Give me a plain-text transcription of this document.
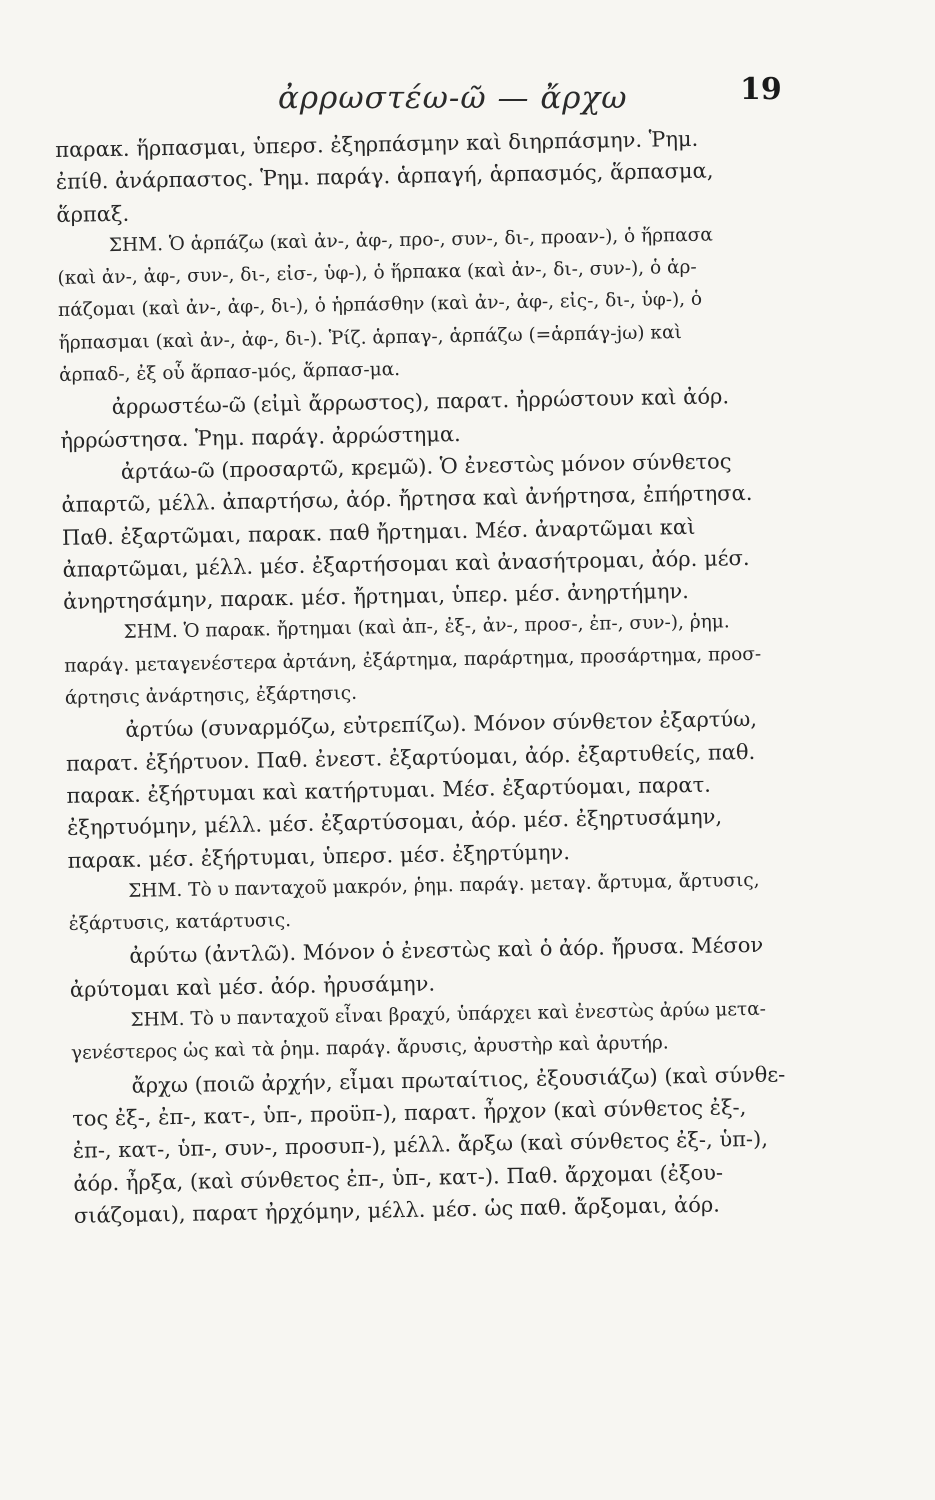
ἀρρωστέω-ῶ — ἄρχω	19
παρακ. ἥρπασμαι, ὑπερσ. ἐξηρπάσμην καὶ διηρπάσμην. Ῥημ.
ἐπίθ. ἀνάρπαστος. Ῥημ. παράγ. ἁρπαγή, ἁρπασμός, ἅρπασμα,
ἅρπαξ.
ΣΗΜ. Ὁ ἁρπάζω (καὶ ἀν-, ἀφ-, προ-, συν-, δι-, προαν-), ὁ ἥρπασα
(καὶ ἀν-, ἀφ-, συν-, δι-, εἰσ-, ὑφ-), ὁ ἥρπακα (καὶ ἀν-, δι-, συν-), ὁ ἁρ-
πάζομαι (καὶ ἀν-, ἀφ-, δι-), ὁ ἡρπάσθην (καὶ ἀν-, ἀφ-, εἰς-, δι-, ὑφ-), ὁ
ἥρπασμαι (καὶ ἀν-, ἀφ-, δι-). Ῥίζ. ἁρπαγ-, ἁρπάζω (=ἁρπάγ-jω) καὶ
ἁρπαδ-, ἐξ οὗ ἅρπασ-μός, ἅρπασ-μα.
ἀρρωστέω-ῶ (εἰμὶ ἄρρωστος), παρατ. ἠρρώστουν καὶ ἀόρ.
ἠρρώστησα. Ῥημ. παράγ. ἀρρώστημα.
ἀρτάω-ῶ (προσαρτῶ, κρεμῶ). Ὁ ἐνεστὼς μόνον σύνθετος
ἀπαρτῶ, μέλλ. ἀπαρτήσω, ἀόρ. ἤρτησα καὶ ἀνήρτησα, ἐπήρτησα.
Παθ. ἐξαρτῶμαι, παρακ. παθ ἤρτημαι. Μέσ. ἀναρτῶμαι καὶ
ἀπαρτῶμαι, μέλλ. μέσ. ἐξαρτήσομαι καὶ ἀνασήτρομαι, ἀόρ. μέσ.
ἀνηρτησάμην, παρακ. μέσ. ἤρτημαι, ὑπερ. μέσ. ἀνηρτήμην.
ΣΗΜ. Ὁ παρακ. ἤρτημαι (καὶ ἀπ-, ἐξ-, ἀν-, προσ-, ἐπ-, συν-), ῥημ.
παράγ. μεταγενέστερα ἀρτάνη, ἐξάρτημα, παράρτημα, προσάρτημα, προσ-
άρτησις ἀνάρτησις, ἐξάρτησις.
ἀρτύω (συναρμόζω, εὐτρεπίζω). Μόνον σύνθετον ἐξαρτύω,
παρατ. ἐξήρτυον. Παθ. ἐνεστ. ἐξαρτύομαι, ἀόρ. ἐξαρτυθείς, παθ.
παρακ. ἐξήρτυμαι καὶ κατήρτυμαι. Μέσ. ἐξαρτύομαι, παρατ.
ἐξηρτυόμην, μέλλ. μέσ. ἐξαρτύσομαι, ἀόρ. μέσ. ἐξηρτυσάμην,
παρακ. μέσ. ἐξήρτυμαι, ὑπερσ. μέσ. ἐξηρτύμην.
ΣΗΜ. Τὸ υ πανταχοῦ μακρόν, ῥημ. παράγ. μεταγ. ἄρτυμα, ἄρτυσις,
ἐξάρτυσις, κατάρτυσις.
ἀρύτω (ἀντλῶ). Μόνον ὁ ἐνεστὼς καὶ ὁ ἀόρ. ἤρυσα. Μέσον
ἀρύτομαι καὶ μέσ. ἀόρ. ἠρυσάμην.
ΣΗΜ. Τὸ υ πανταχοῦ εἶναι βραχύ, ὑπάρχει καὶ ἐνεστὼς ἀρύω μετα-
γενέστερος ὡς καὶ τὰ ῥημ. παράγ. ἄρυσις, ἀρυστὴρ καὶ ἀρυτήρ.
ἄρχω (ποιῶ ἀρχήν, εἶμαι πρωταίτιος, ἐξουσιάζω) (καὶ σύνθε-
τος ἐξ-, ἐπ-, κατ-, ὑπ-, προϋπ-), παρατ. ἦρχον (καὶ σύνθετος ἐξ-,
ἐπ-, κατ-, ὑπ-, συν-, προσυπ-), μέλλ. ἄρξω (καὶ σύνθετος ἐξ-, ὑπ-),
ἀόρ. ἦρξα, (καὶ σύνθετος ἐπ-, ὑπ-, κατ-). Παθ. ἄρχομαι (ἐξου-
σιάζομαι), παρατ ἠρχόμην, μέλλ. μέσ. ὡς παθ. ἄρξομαι, ἀόρ.
